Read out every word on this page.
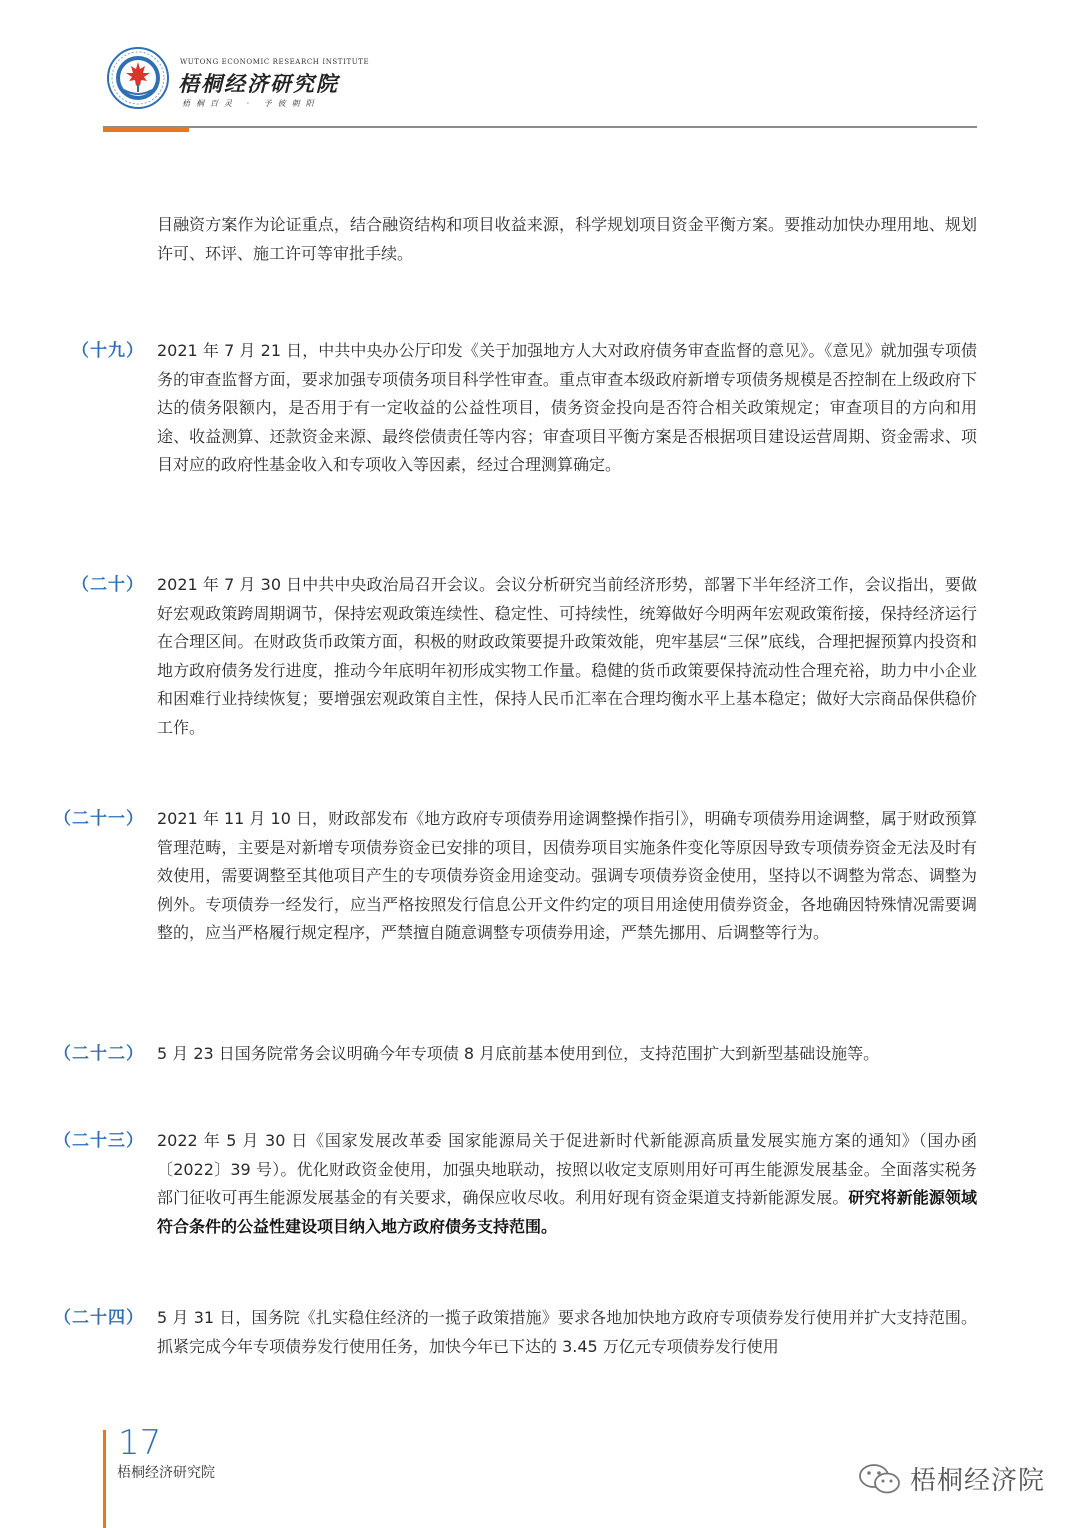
WUTONG ECONOMIC RESEARCH INSTITUTE
梧桐经济研究院
梧桐百灵 · 予彼朝阳

目融资方案作为论证重点，结合融资结构和项目收益来源，科学规划项目资金平衡方案。要推动加快办理用地、规划许可、环评、施工许可等审批手续。

（十九） 2021 年 7 月 21 日，中共中央办公厅印发《关于加强地方人大对政府债务审查监督的意见》。《意见》就加强专项债务的审查监督方面，要求加强专项债务项目科学性审查。重点审查本级政府新增专项债务规模是否控制在上级政府下达的债务限额内，是否用于有一定收益的公益性项目，债务资金投向是否符合相关政策规定；审查项目的方向和用途、收益测算、还款资金来源、最终偿债责任等内容；审查项目平衡方案是否根据项目建设运营周期、资金需求、项目对应的政府性基金收入和专项收入等因素，经过合理测算确定。

（二十） 2021 年 7 月 30 日中共中央政治局召开会议。会议分析研究当前经济形势，部署下半年经济工作，会议指出，要做好宏观政策跨周期调节，保持宏观政策连续性、稳定性、可持续性，统筹做好今明两年宏观政策衔接，保持经济运行在合理区间。在财政货币政策方面，积极的财政政策要提升政策效能，兜牢基层“三保”底线，合理把握预算内投资和地方政府债务发行进度，推动今年底明年初形成实物工作量。稳健的货币政策要保持流动性合理充裕，助力中小企业和困难行业持续恢复；要增强宏观政策自主性，保持人民币汇率在合理均衡水平上基本稳定；做好大宗商品保供稳价工作。

（二十一） 2021 年 11 月 10 日，财政部发布《地方政府专项债券用途调整操作指引》，明确专项债券用途调整，属于财政预算管理范畴，主要是对新增专项债券资金已安排的项目，因债券项目实施条件变化等原因导致专项债券资金无法及时有效使用，需要调整至其他项目产生的专项债券资金用途变动。强调专项债券资金使用，坚持以不调整为常态、调整为例外。专项债券一经发行，应当严格按照发行信息公开文件约定的项目用途使用债券资金，各地确因特殊情况需要调整的，应当严格履行规定程序，严禁擅自随意调整专项债券用途，严禁先挪用、后调整等行为。

（二十二） 5 月 23 日国务院常务会议明确今年专项债 8 月底前基本使用到位，支持范围扩大到新型基础设施等。

（二十三） 2022 年 5 月 30 日《国家发展改革委 国家能源局关于促进新时代新能源高质量发展实施方案的通知》（国办函〔2022〕39 号）。优化财政资金使用，加强央地联动，按照以收定支原则用好可再生能源发展基金。全面落实税务部门征收可再生能源发展基金的有关要求，确保应收尽收。利用好现有资金渠道支持新能源发展。研究将新能源领域符合条件的公益性建设项目纳入地方政府债务支持范围。

（二十四） 5 月 31 日，国务院《扎实稳住经济的一揽子政策措施》要求各地加快地方政府专项债券发行使用并扩大支持范围。抓紧完成今年专项债券发行使用任务，加快今年已下达的 3.45 万亿元专项债券发行使用

17
梧桐经济研究院	梧桐经济院
